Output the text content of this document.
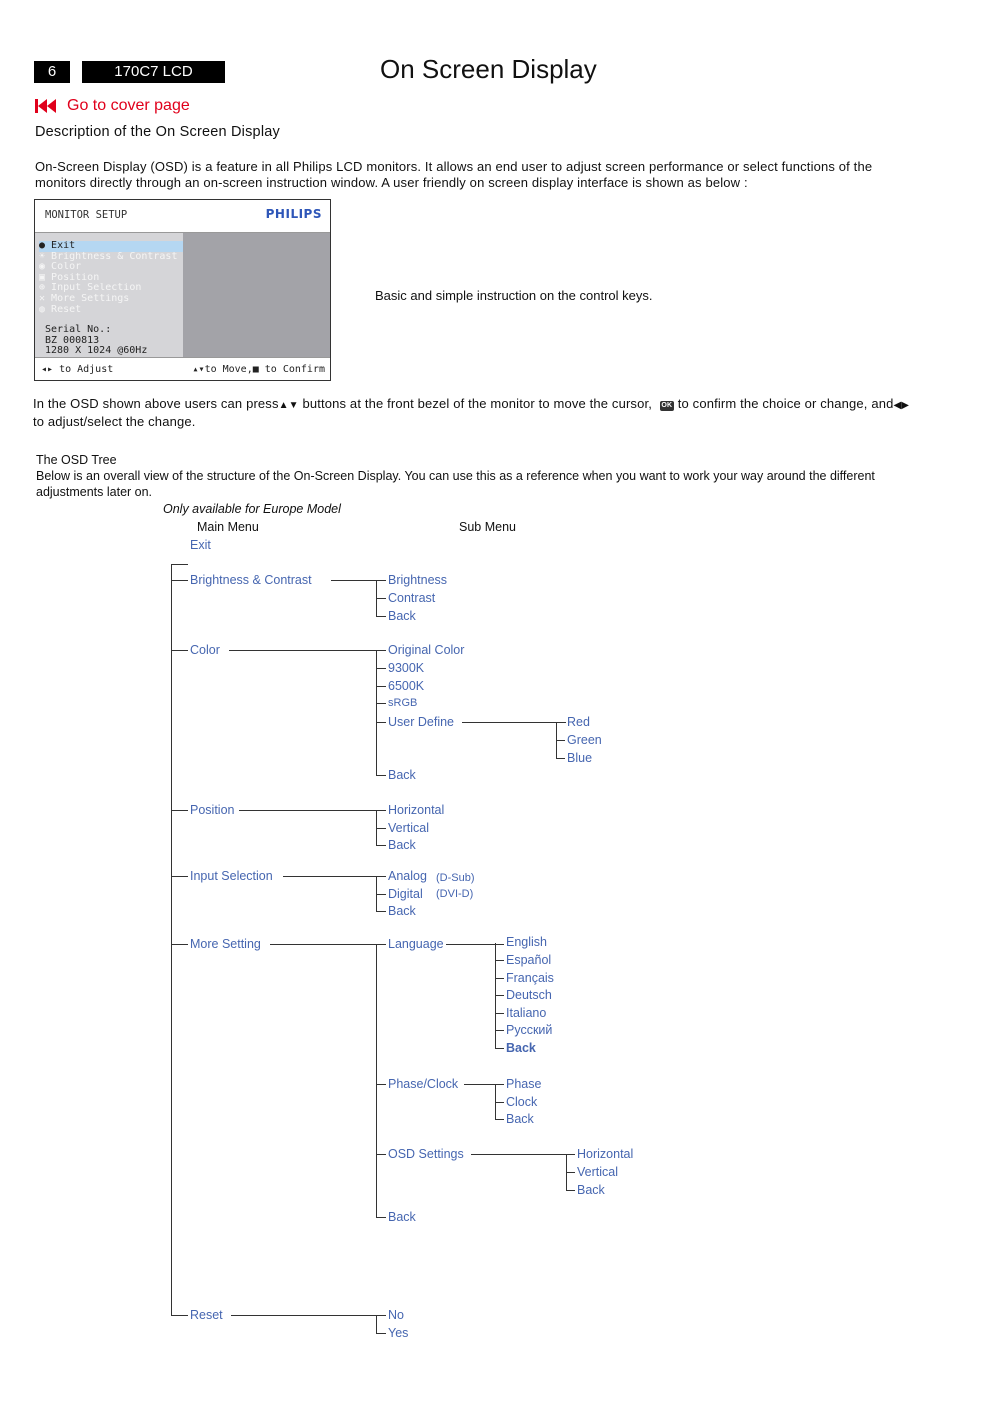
6	170C7 LCD	On Screen Display
Go to cover page
Description of the On Screen Display
On-Screen Display (OSD) is a feature in all Philips LCD monitors. It allows an end user to adjust screen performance or select functions of the monitors directly through an on-screen instruction window. A user friendly on screen display interface is shown as below :
MONITOR SETUP	PHILIPS
● Exit
☀ Brightness & Contrast
◉ Color
▣ Position
⊕ Input Selection
✕ More Settings
◍ Reset
Serial No.:
BZ 000813
1280 X 1024 @60Hz
◂▸ to Adjust	▴▾to Move,■ to Confirm
Basic and simple instruction on the control keys.
In the OSD shown above users can press▲▼ buttons at the front bezel of the monitor to move the cursor, OK to confirm the choice or change, and◀▶ to adjust/select the change.
The OSD Tree
Below is an overall view of the structure of the On-Screen Display. You can use this as a reference when you want to work your way around the different adjustments later on.
Only available for Europe Model
Main Menu	Sub Menu
Exit
Brightness & Contrast
Color
Position
Input Selection
More Setting
Reset
Brightness
Contrast
Back
Original Color
9300K
6500K
sRGB
User Define
Back
Red
Green
Blue
Horizontal
Vertical
Back
Analog (D-Sub)
Digital (DVI-D)
Back
Language
Phase/Clock
OSD Settings
Back
English
Español
Français
Deutsch
Italiano
Русский
Back
Phase
Clock
Back
Horizontal
Vertical
Back
No
Yes
